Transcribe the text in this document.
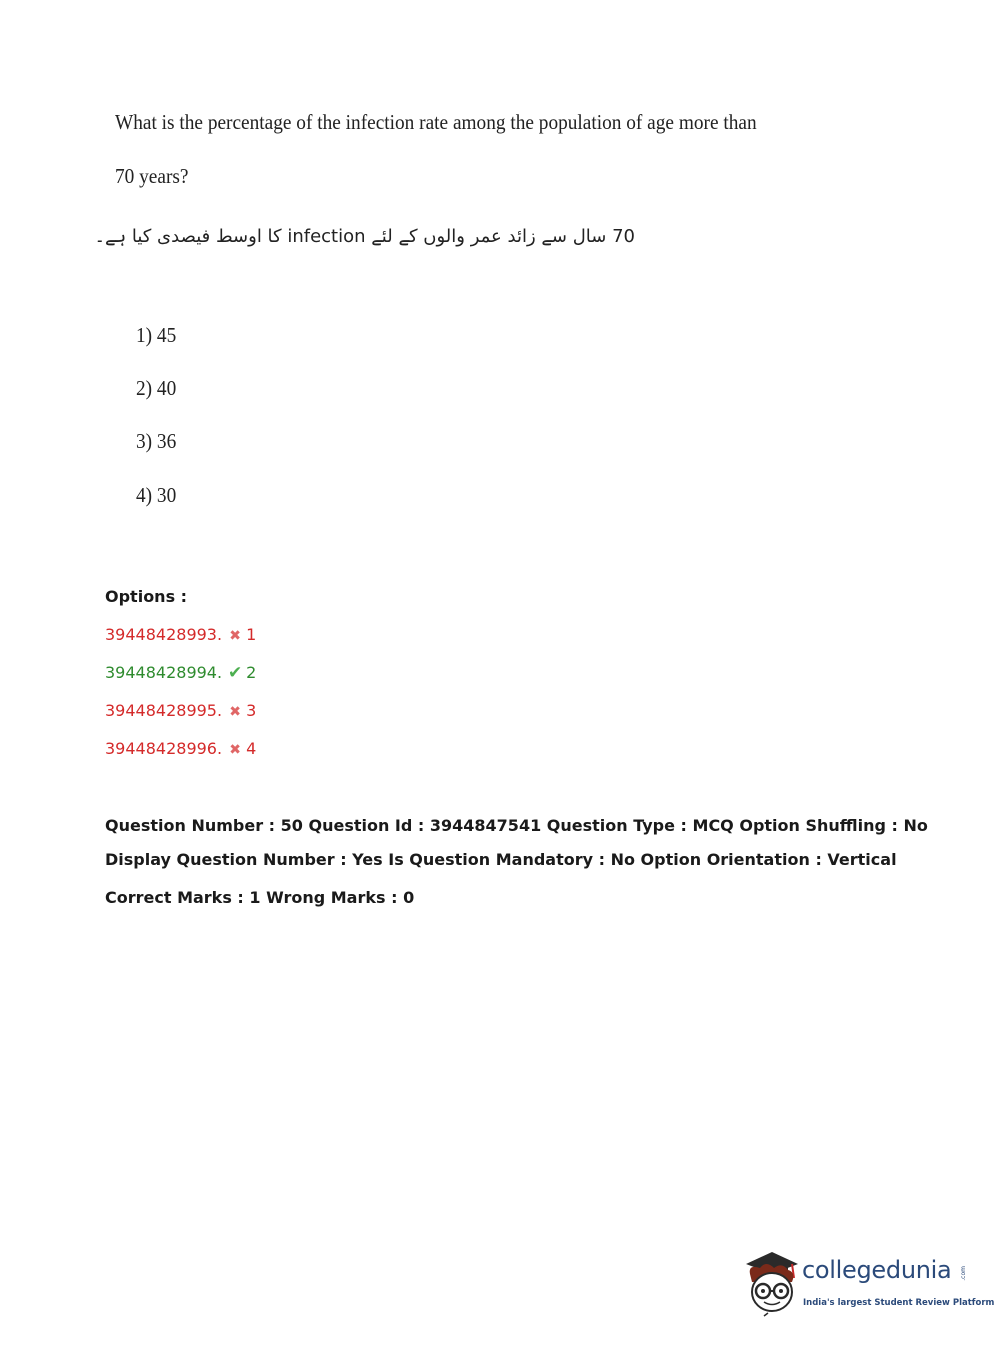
What is the percentage of the infection rate among the population of age more than
70 years?
70 سال سے زائد عمر والوں کے لئے infection کا اوسط فیصدی کیا ہے۔
1) 45
2) 40
3) 36
4) 30
Options :
39448428993. ✖ 1
39448428994. ✔ 2
39448428995. ✖ 3
39448428996. ✖ 4
Question Number : 50 Question Id : 3944847541 Question Type : MCQ Option Shuffling : No
Display Question Number : Yes Is Question Mandatory : No Option Orientation : Vertical
Correct Marks : 1 Wrong Marks : 0
collegedunia .com
India's largest Student Review Platform
